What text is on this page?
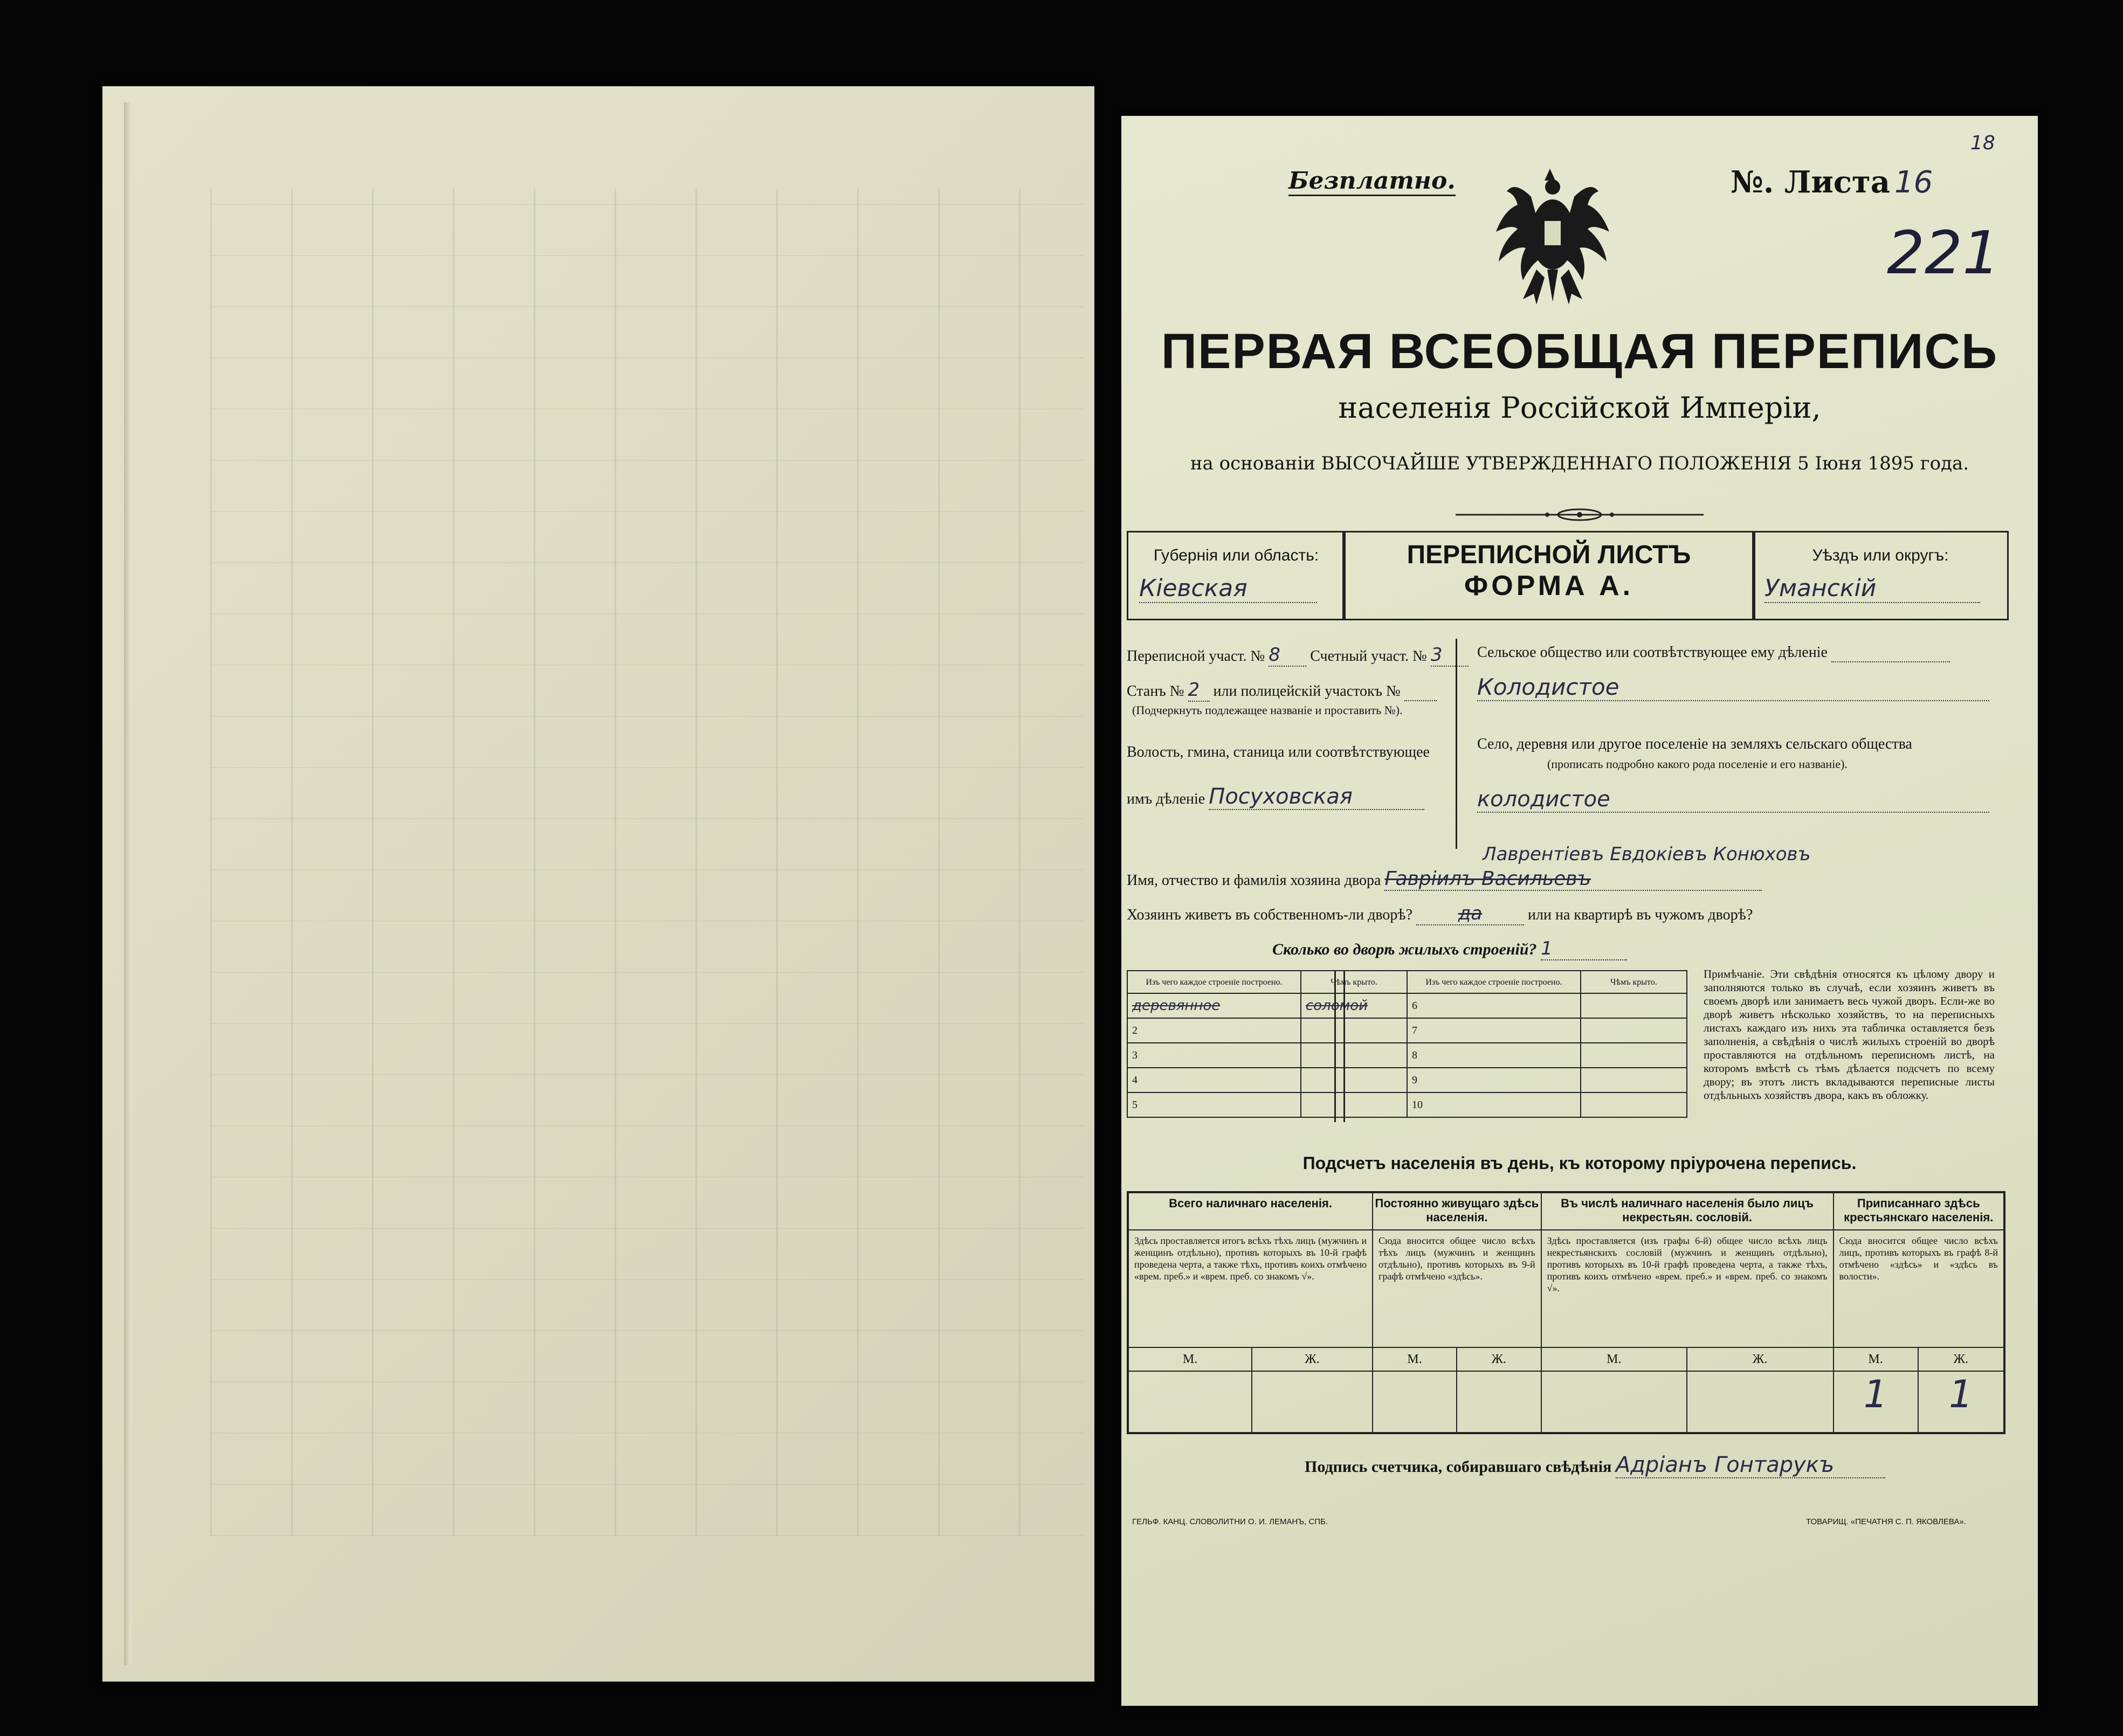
Безплатно.
18
№. Листа 16
221
ПЕРВАЯ ВСЕОБЩАЯ ПЕРЕПИСЬ
населенія Россійской Имперіи,
на основаніи ВЫСОЧАЙШЕ УТВЕРЖДЕННАГО ПОЛОЖЕНІЯ 5 Іюня 1895 года.
Губернія или область:
Кіевская
ПЕРЕПИСНОЙ ЛИСТЪ
ФОРМА А.
Уѣздъ или округъ:
Уманскій
Переписной участ. № 8 Счетный участ. № 3
Станъ № 2 или полицейскій участокъ №
(Подчеркнуть подлежащее названіе и проставить №).
Волость, гмина, станица или соотвѣтствующее
имъ дѣленіе Посуховская
Сельское общество или соотвѣтствующее ему дѣленіе
Колодистое
Село, деревня или другое поселеніе на земляхъ сельскаго общества
(прописать подробно какого рода поселеніе и его названіе).
колодистое
Лаврентіевъ Евдокіевъ Конюховъ
Имя, отчество и фамилія хозяина двора Гавріилъ Васильевъ
Хозяинъ живетъ въ собственномъ-ли дворѣ? да	или на квартирѣ въ чужомъ дворѣ?
Сколько во дворѣ жилыхъ строеній? 1
Изъ чего каждое строеніе построено.	Чѣмъ крыто.	Изъ чего каждое строеніе построено.	Чѣмъ крыто.
деревянное	соломой	6	
2		7	
3		8	
4		9	
5		10	
Примѣчаніе. Эти свѣдѣнія относятся къ цѣлому двору и заполняются только въ случаѣ, если хозяинъ живетъ въ своемъ дворѣ или занимаетъ весь чужой дворъ. Если-же во дворѣ живетъ нѣсколько хозяйствъ, то на переписныхъ листахъ каждаго изъ нихъ эта табличка оставляется безъ заполненія, а свѣдѣнія о числѣ жилыхъ строеній во дворѣ проставляются на отдѣльномъ переписномъ листѣ, на которомъ вмѣстѣ съ тѣмъ дѣлается подсчетъ по всему двору; въ этотъ листъ вкладываются переписные листы отдѣльныхъ хозяйствъ двора, какъ въ обложку.
Подсчетъ населенія въ день, къ которому пріурочена перепись.
Всего наличнаго населенія.		Постоянно живущаго здѣсь населенія.		Въ числѣ наличнаго населенія было лицъ некрестьян. сословій.		Приписаннаго здѣсь крестьянскаго населенія.	
Здѣсь проставляется итогъ всѣхъ тѣхъ лицъ (мужчинъ и женщинъ отдѣльно), противъ которыхъ въ 10-й графѣ проведена черта, а также тѣхъ, противъ коихъ отмѣчено «врем. преб.» и «врем. преб. со знакомъ √».		Сюда вносится общее число всѣхъ тѣхъ лицъ (мужчинъ и женщинъ отдѣльно), противъ которыхъ въ 9-й графѣ отмѣчено «здѣсь».		Здѣсь проставляется (изъ графы 6-й) общее число всѣхъ лицъ некрестьянскихъ сословій (мужчинъ и женщинъ отдѣльно), противъ которыхъ въ 10-й графѣ проведена черта, а также тѣхъ, противъ коихъ отмѣчено «врем. преб.» и «врем. преб. со знакомъ √».		Сюда вносится общее число всѣхъ лицъ, противъ которыхъ въ графѣ 8-й отмѣчено «здѣсь» и «здѣсь въ волости».	
М.	Ж.	М.	Ж.	М.	Ж.	М.	Ж.
						1	1
Подпись счетчика, собиравшаго свѣдѣнія Адріанъ Гонтарукъ
ГЕЛЬФ. КАНЦ. СЛОВОЛИТНИ О. И. ЛЕМАНЪ, СПБ.	ТОВАРИЩ. «ПЕЧАТНЯ С. П. ЯКОВЛЕВА».
